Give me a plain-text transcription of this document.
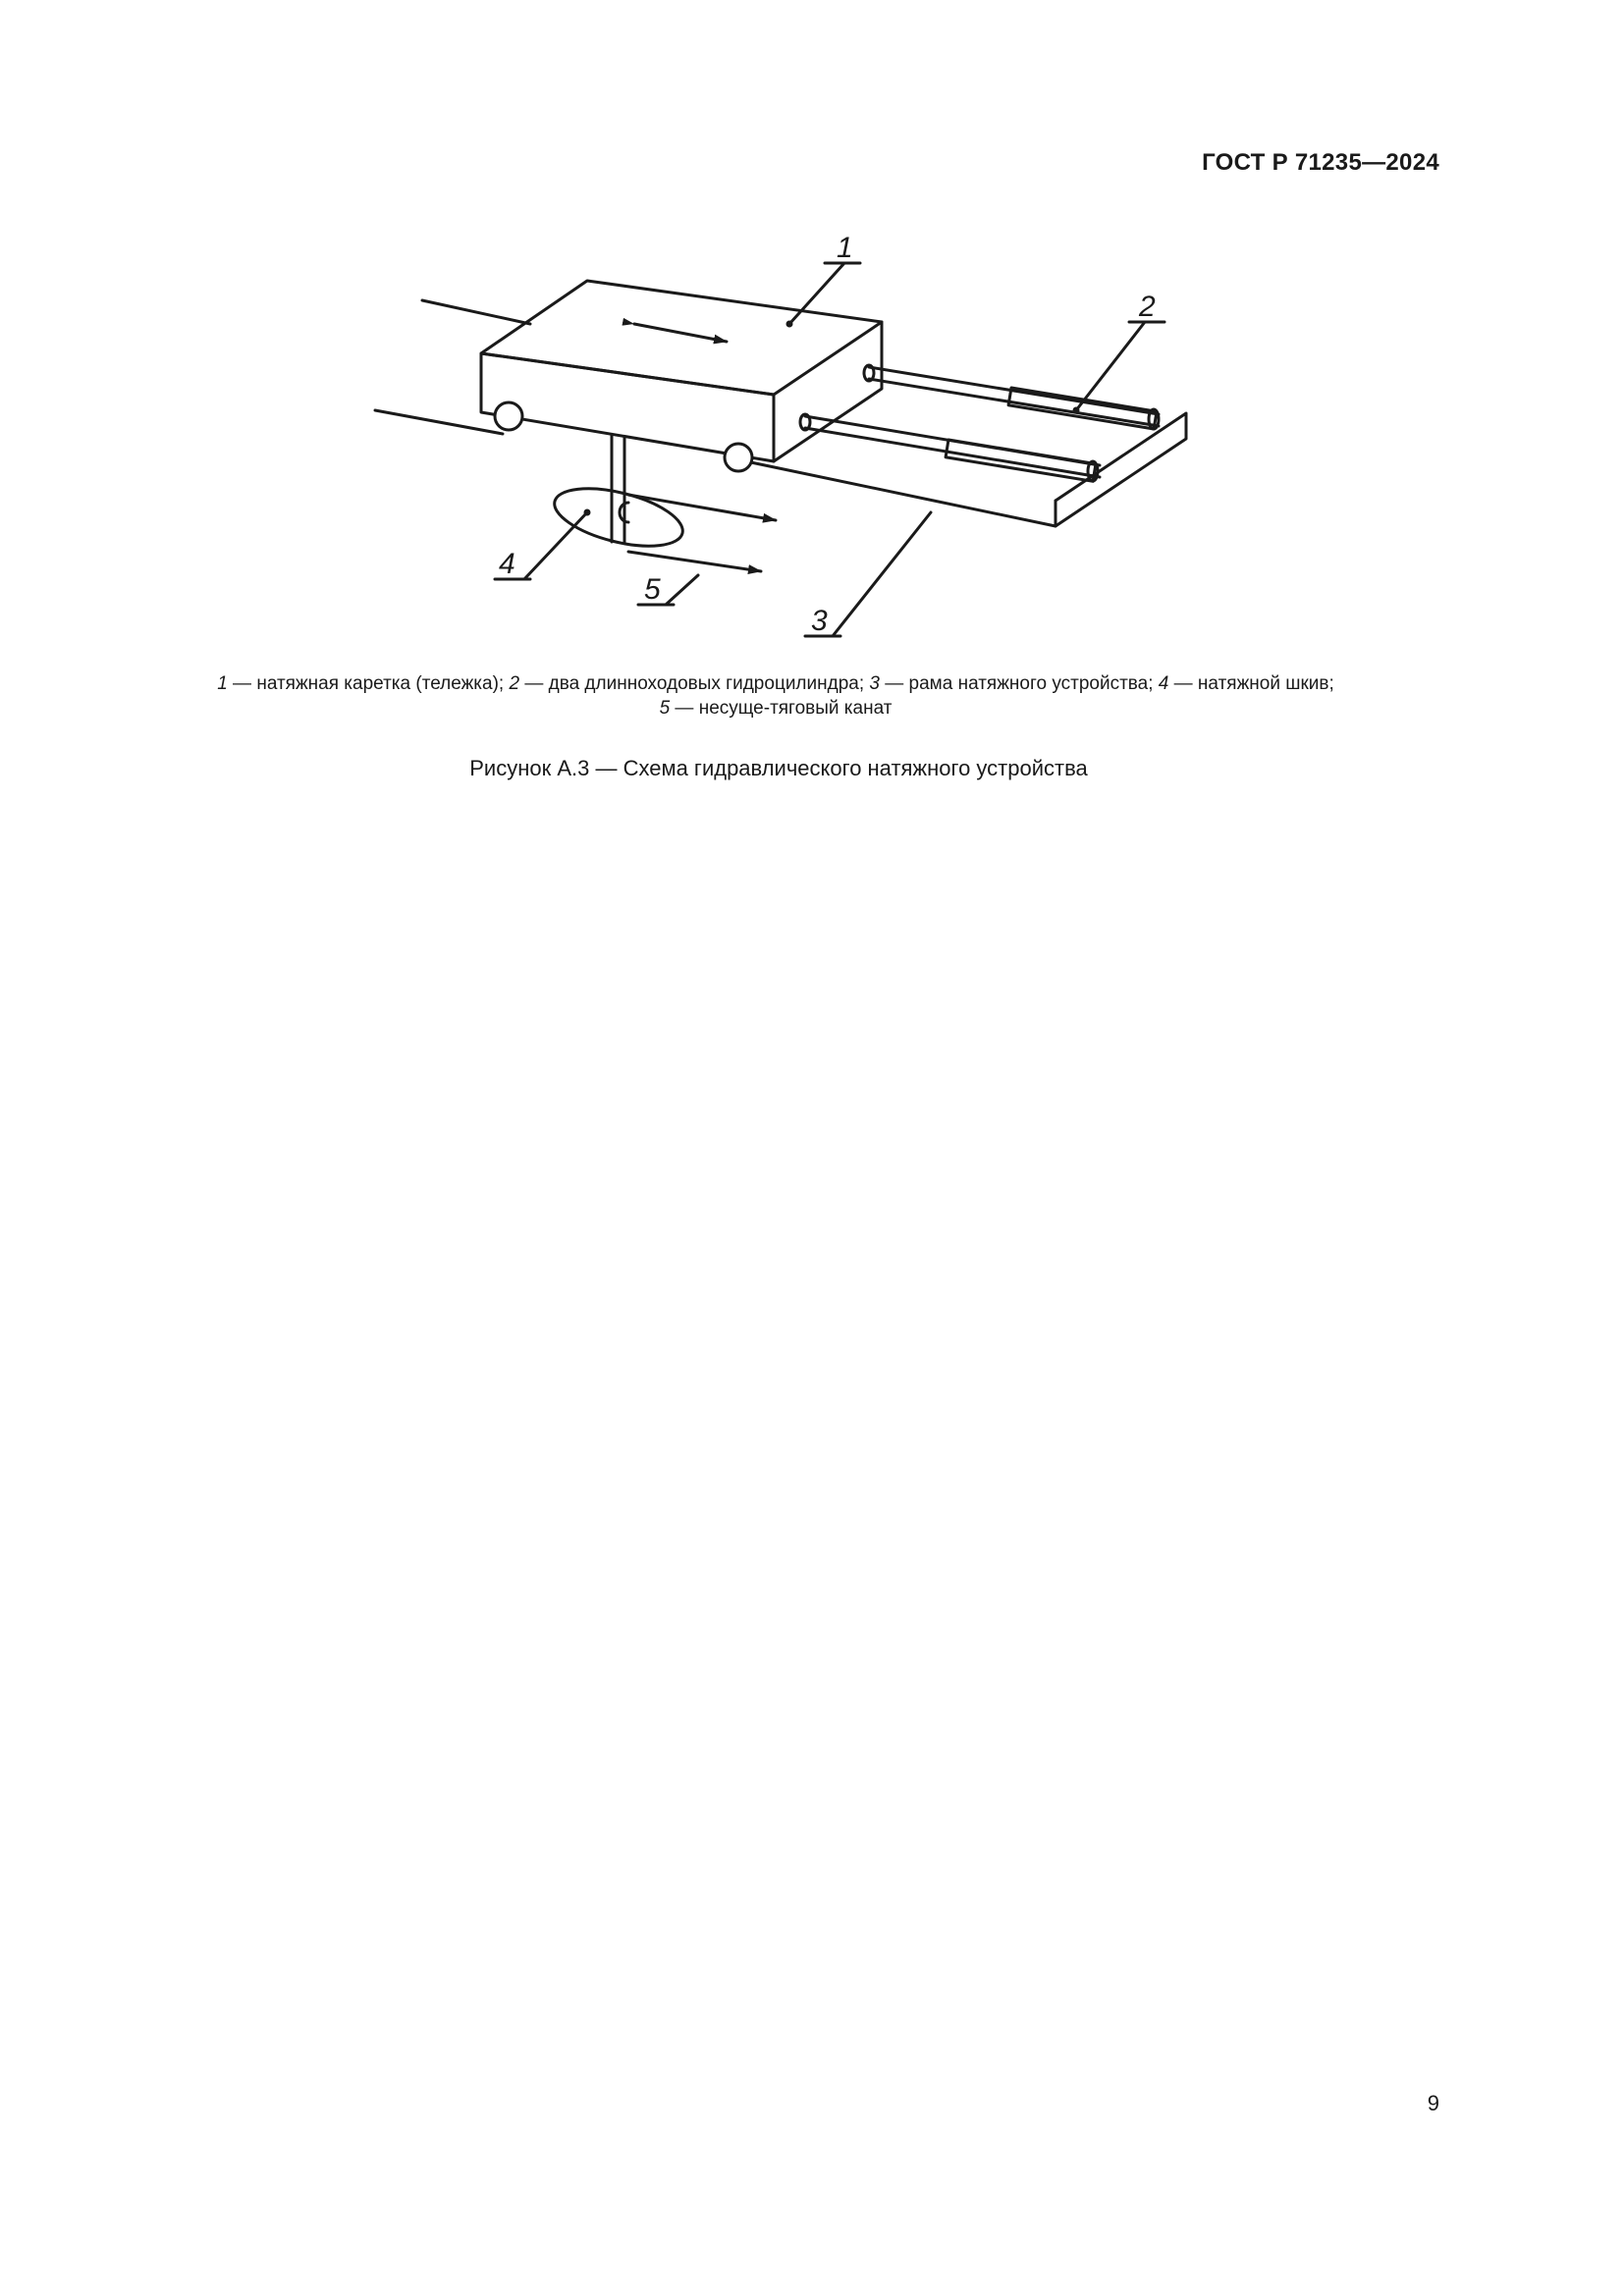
ГОСТ Р 71235—2024
1
2
3
4
5
1 — натяжная каретка (тележка); 2 — два длинноходовых гидроцилиндра; 3 — рама натяжного устройства; 4 — натяжной шкив;
5 — несуще-тяговый канат
Рисунок А.3 — Схема гидравлического натяжного устройства
9
